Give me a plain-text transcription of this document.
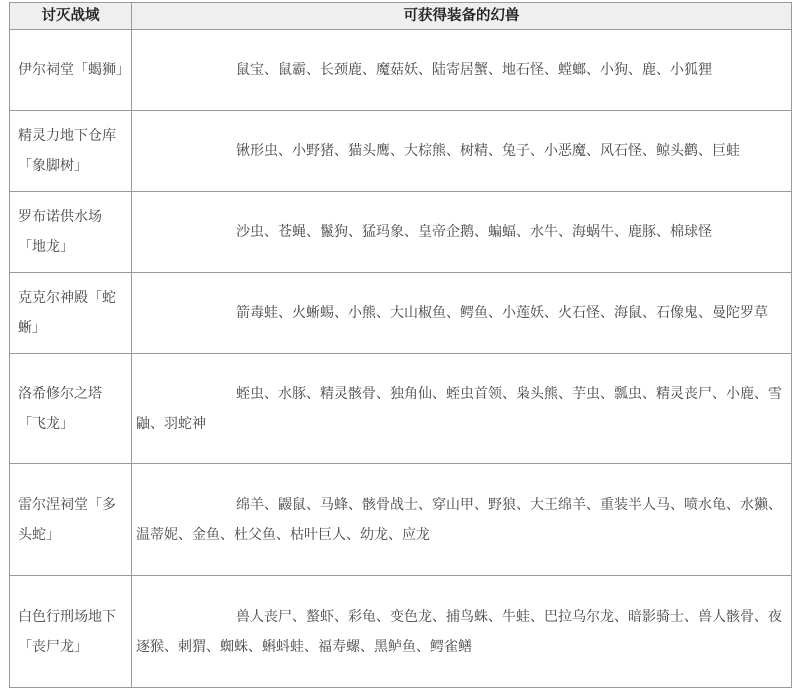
讨灭战域	可获得装备的幻兽
伊尔祠堂「蝎狮」	鼠宝、鼠霸、长颈鹿、魔菇妖、陆寄居蟹、地石怪、螳螂、小狗、鹿、小狐狸
精灵力地下仓库「象脚树」	锹形虫、小野猪、猫头鹰、大棕熊、树精、兔子、小恶魔、风石怪、鲸头鹳、巨蛙
罗布诺供水场「地龙」	沙虫、苍蝇、鬣狗、猛玛象、皇帝企鹅、蝙蝠、水牛、海蜗牛、鹿豚、棉球怪
克克尔神殿「蛇蜥」	箭毒蛙、火蜥蜴、小熊、大山椒鱼、鳄鱼、小莲妖、火石怪、海鼠、石像鬼、曼陀罗草
洛希修尔之塔「飞龙」	蛭虫、水豚、精灵骸骨、独角仙、蛭虫首领、枭头熊、芋虫、瓢虫、精灵丧尸、小鹿、雪鼬、羽蛇神
雷尔涅祠堂「多头蛇」	绵羊、鼹鼠、马蜂、骸骨战士、穿山甲、野狼、大王绵羊、重装半人马、喷水龟、水獭、温蒂妮、金鱼、杜父鱼、枯叶巨人、幼龙、应龙
白色行刑场地下「丧尸龙」	兽人丧尸、螯虾、彩龟、变色龙、捕鸟蛛、牛蛙、巴拉乌尔龙、暗影骑士、兽人骸骨、夜逐猴、刺猬、蜘蛛、蝌蚪蛙、福寿螺、黑鲈鱼、鳄雀鳝
